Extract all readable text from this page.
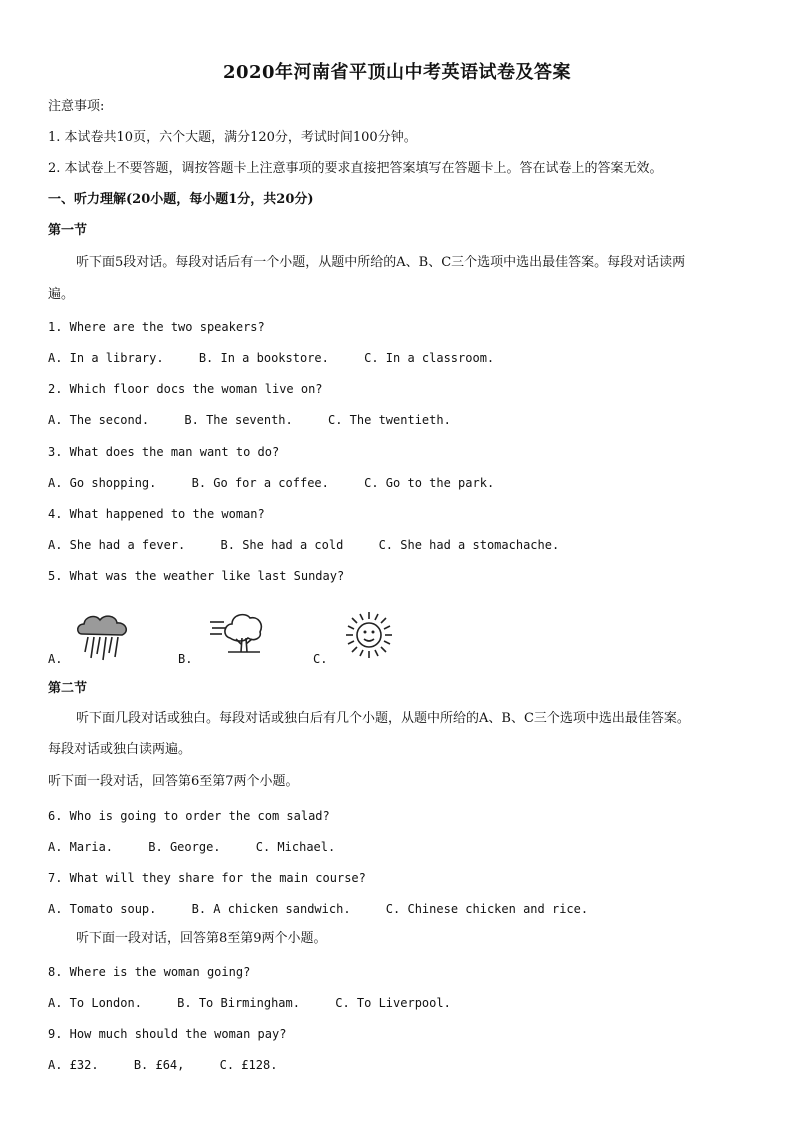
2020年河南省平顶山中考英语试卷及答案
注意事项:
1. 本试卷共10页，六个大题，满分120分，考试时间100分钟。
2. 本试卷上不要答题，调按答题卡上注意事项的要求直接把答案填写在答题卡上。答在试卷上的答案无效。
一、听力理解(20小题，每小题1分，共20分)
第一节
听下面5段对话。每段对话后有一个小题，从题中所给的A、B、C三个选项中选出最佳答案。每段对话读两
遍。
1. Where are the two speakers?
A. In a library.	B. In a bookstore.	C. In a classroom.
2. Which floor docs the woman live on?
A. The second.	B. The seventh.	C. The twentieth.
3. What does the man want to do?
A. Go shopping.	B. Go for a coffee.	C. Go to the park.
4. What happened to the woman?
A. She had a fever.	B. She had a cold	C. She had a stomachache.
5. What was the weather like last Sunday?
A.	B.	C.
第二节
听下面几段对话或独白。每段对话或独白后有几个小题，从题中所给的A、B、C三个选项中选出最佳答案。
每段对话或独白读两遍。
听下面一段对话，回答第6至第7两个小题。
6. Who is going to order the com salad?
A. Maria.	B. George.	C. Michael.
7. What will they share for the main course?
A. Tomato soup.	B. A chicken sandwich.	C. Chinese chicken and rice.
听下面一段对话，回答第8至第9两个小题。
8. Where is the woman going?
A. To London.	B. To Birmingham.	C. To Liverpool.
9. How much should the woman pay?
A. £32.	B. £64,	C. £128.
